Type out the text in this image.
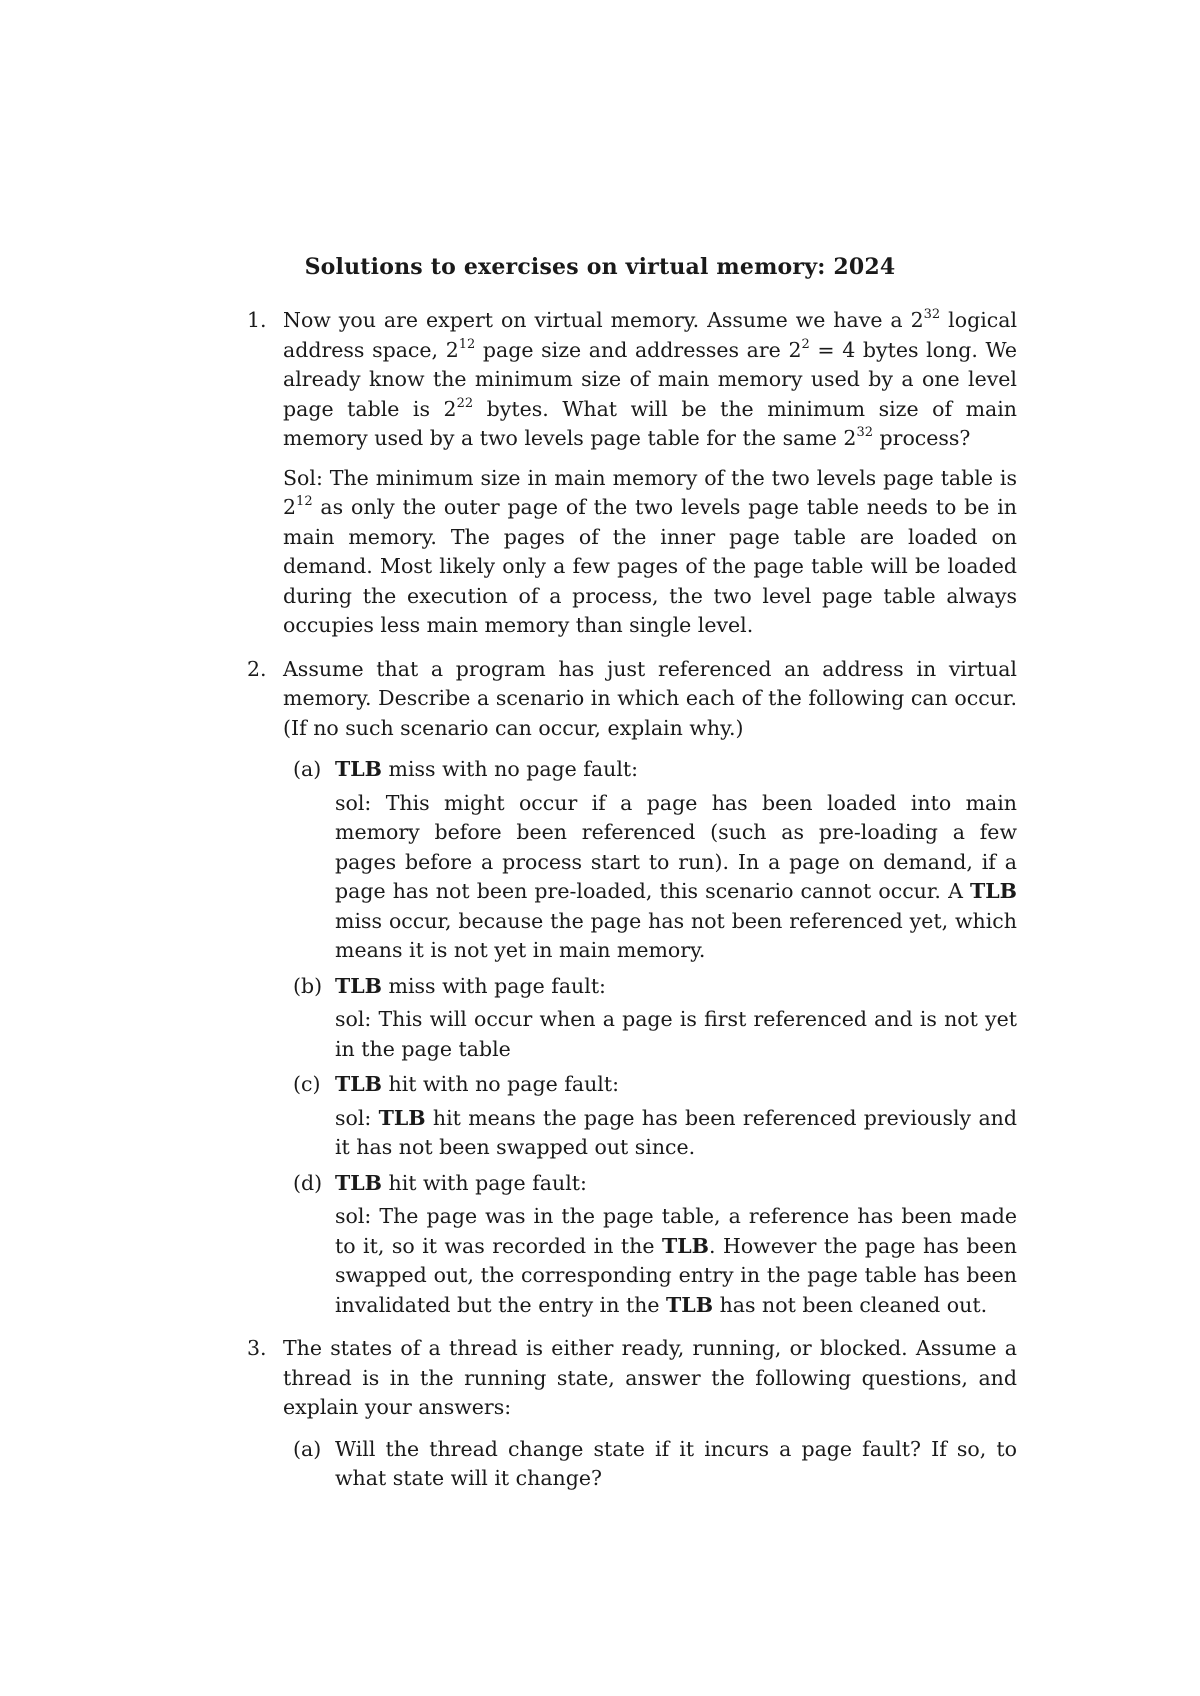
Solutions to exercises on virtual memory: 2024
1. Now you are expert on virtual memory. Assume we have a $2^{32}$ logical address space, $2^{12}$ page size and addresses are $2^2 = 4$ bytes long. We already know the minimum size of main memory used by a one level page table is $2^{22}$ bytes. What will be the minimum size of main memory used by a two levels page table for the same $2^{32}$ process?

Sol: The minimum size in main memory of the two levels page table is $2^{12}$ as only the outer page of the two levels page table needs to be in main memory. The pages of the inner page table are loaded on demand. Most likely only a few pages of the page table will be loaded during the execution of a process, the two level page table always occupies less main memory than single level.

2. Assume that a program has just referenced an address in virtual memory. Describe a scenario in which each of the following can occur. (If no such scenario can occur, explain why.)

(a) TLB miss with no page fault:
sol: This might occur if a page has been loaded into main memory before been referenced (such as pre-loading a few pages before a process start to run). In a page on demand, if a page has not been pre-loaded, this scenario cannot occur. A TLB miss occur, because the page has not been referenced yet, which means it is not yet in main memory.
(b) TLB miss with page fault:
sol: This will occur when a page is first referenced and is not yet in the page table
(c) TLB hit with no page fault:
sol: TLB hit means the page has been referenced previously and it has not been swapped out since.
(d) TLB hit with page fault:
sol: The page was in the page table, a reference has been made to it, so it was recorded in the TLB. However the page has been swapped out, the corresponding entry in the page table has been invalidated but the entry in the TLB has not been cleaned out.
3. The states of a thread is either ready, running, or blocked. Assume a thread is in the running state, answer the following questions, and explain your answers:

(a) Will the thread change state if it incurs a page fault? If so, to what state will it change?
